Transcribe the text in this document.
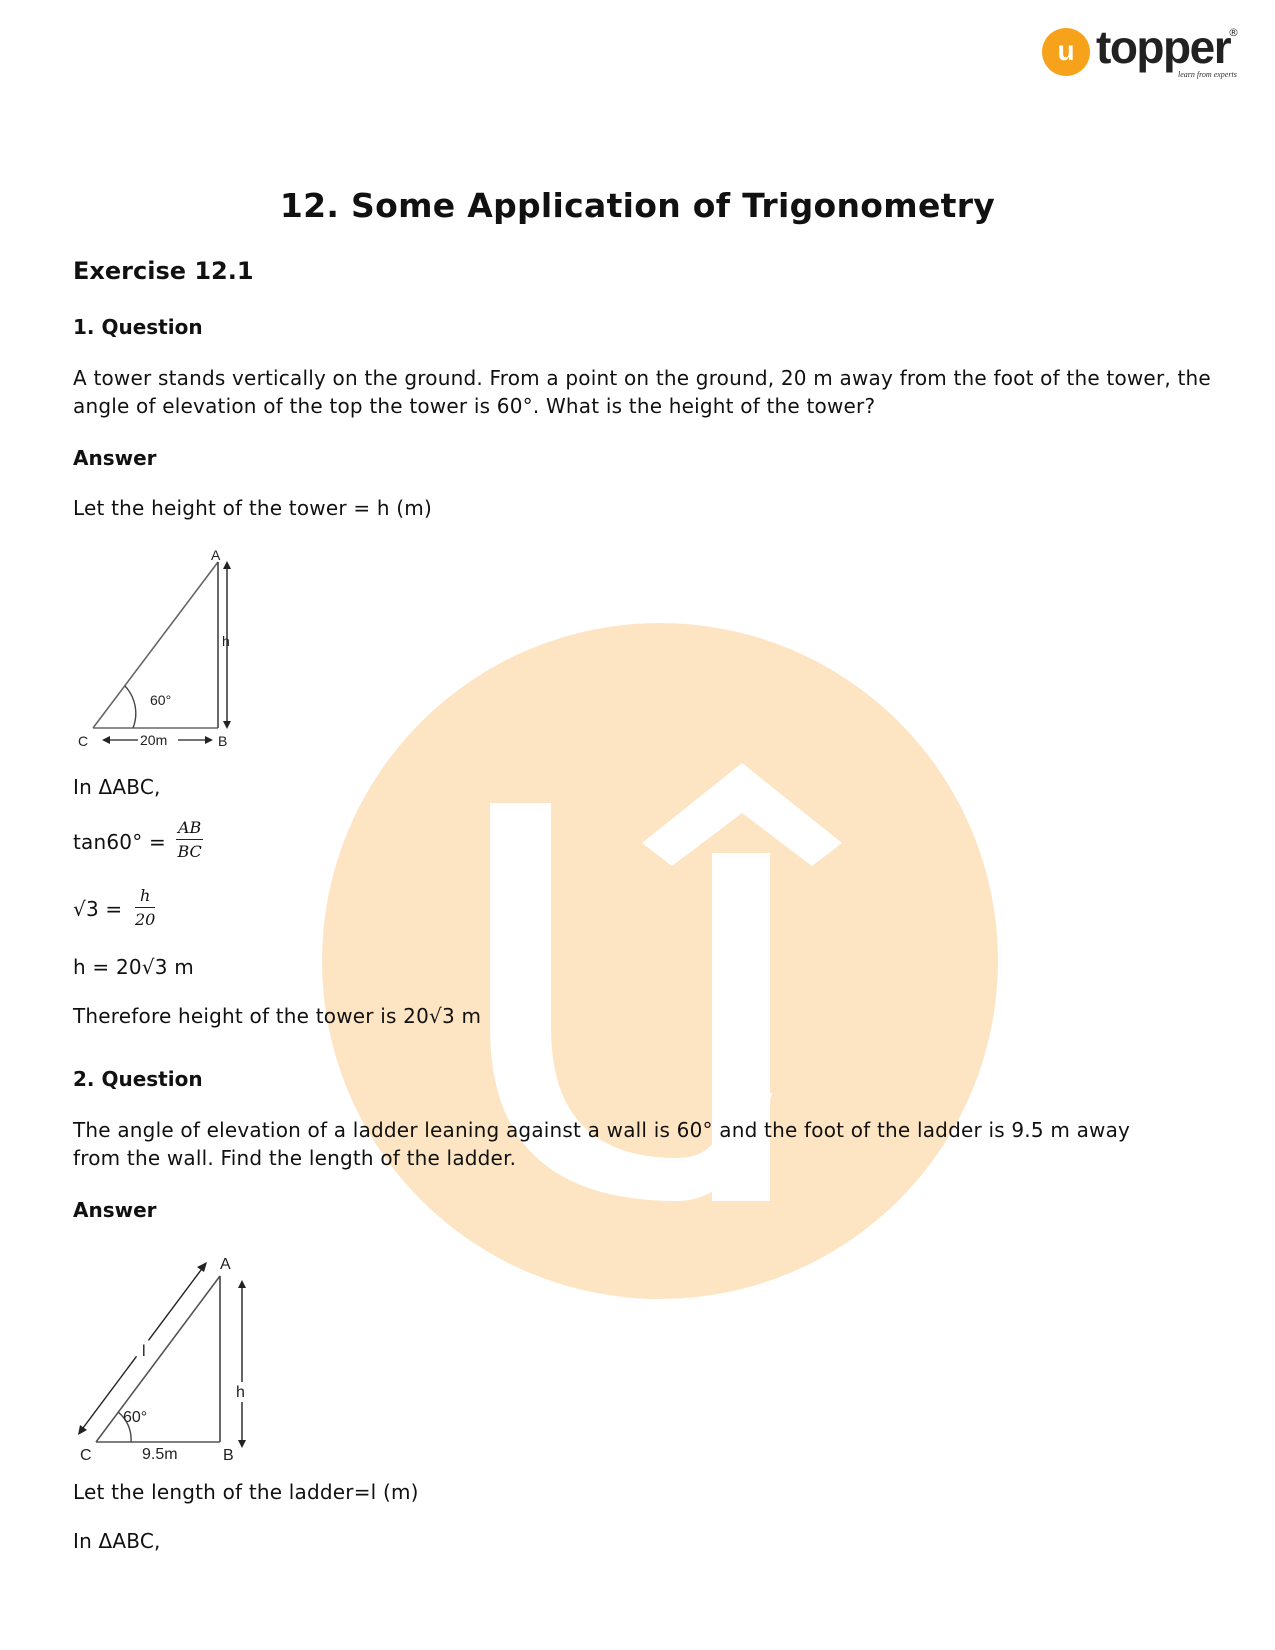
u topper
®
learn from experts
12. Some Application of Trigonometry
Exercise 12.1
1. Question
A tower stands vertically on the ground. From a point on the ground, 20 m away from the foot of the tower, the angle of elevation of the top the tower is 60°. What is the height of the tower?
Answer
Let the height of the tower = h (m)
A
B
C
h
60°
20m
In ΔABC,
$\tan 60^\circ = \frac{AB}{BC}$
$√3 = \frac{h}{20}$
h = 20√3 m
Therefore height of the tower is 20√3 m
2. Question
The angle of elevation of a ladder leaning against a wall is 60° and the foot of the ladder is 9.5 m away from the wall. Find the length of the ladder.
Answer
A
B
C
h
l
60°
9.5m
Let the length of the ladder=l (m)
In ΔABC,
